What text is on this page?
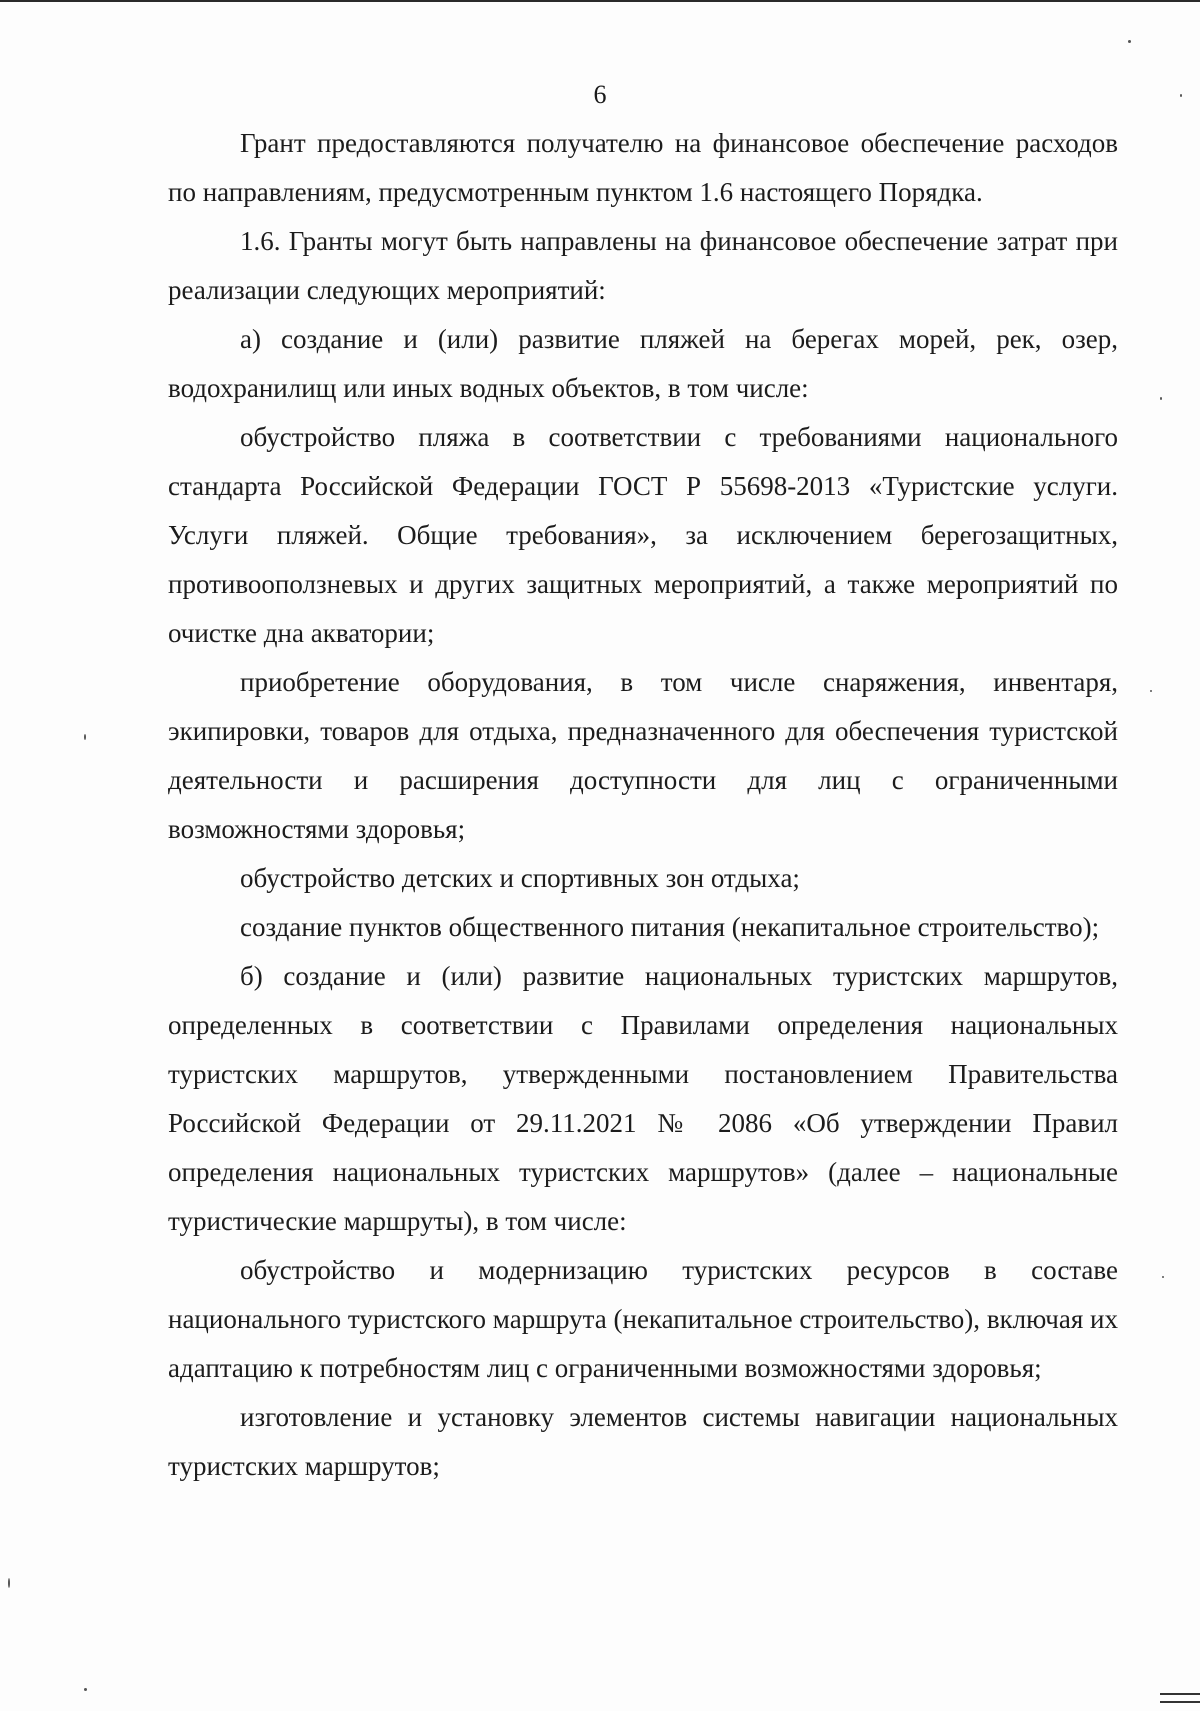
6

Грант предоставляются получателю на финансовое обеспечение расходов по направлениям, предусмотренным пунктом 1.6 настоящего Порядка.

1.6. Гранты могут быть направлены на финансовое обеспечение затрат при реализации следующих мероприятий:

а) создание и (или) развитие пляжей на берегах морей, рек, озер, водохранилищ или иных водных объектов, в том числе:

обустройство пляжа в соответствии с требованиями национального стандарта Российской Федерации ГОСТ Р 55698-2013 «Туристские услуги. Услуги пляжей. Общие требования», за исключением берегозащитных, противооползневых и других защитных мероприятий, а также мероприятий по очистке дна акватории;

приобретение оборудования, в том числе снаряжения, инвентаря, экипировки, товаров для отдыха, предназначенного для обеспечения туристской деятельности и расширения доступности для лиц с ограниченными возможностями здоровья;

обустройство детских и спортивных зон отдыха;

создание пунктов общественного питания (некапитальное строительство);

б) создание и (или) развитие национальных туристских маршрутов, определенных в соответствии с Правилами определения национальных туристских маршрутов, утвержденными постановлением Правительства Российской Федерации от 29.11.2021 № 2086 «Об утверждении Правил определения национальных туристских маршрутов» (далее – национальные туристические маршруты), в том числе:

обустройство и модернизацию туристских ресурсов в составе национального туристского маршрута (некапитальное строительство), включая их адаптацию к потребностям лиц с ограниченными возможностями здоровья;

изготовление и установку элементов системы навигации национальных туристских маршрутов;
